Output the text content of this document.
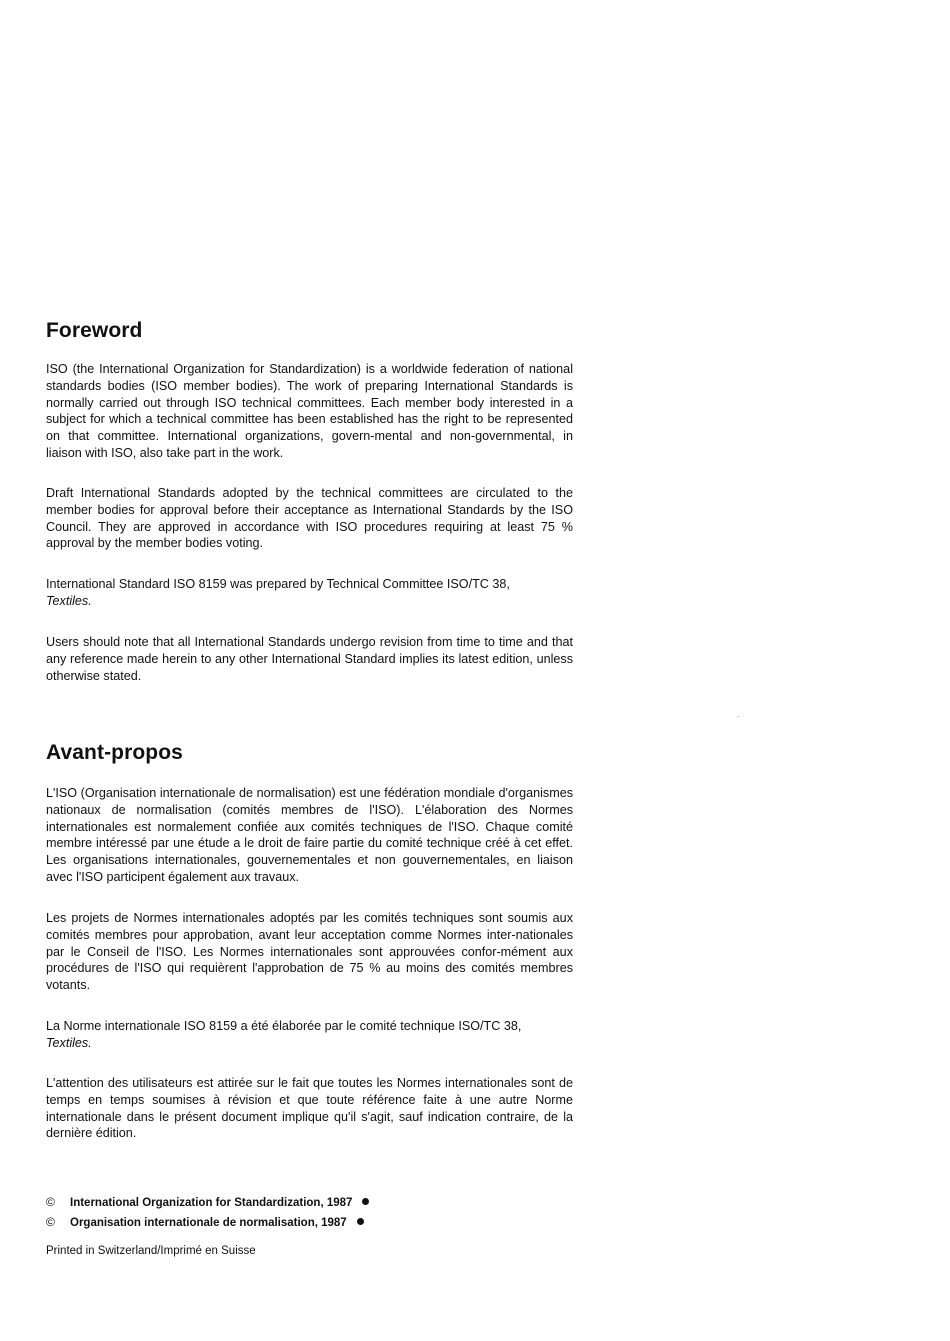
Foreword

ISO (the International Organization for Standardization) is a worldwide federation of national standards bodies (ISO member bodies). The work of preparing International Standards is normally carried out through ISO technical committees. Each member body interested in a subject for which a technical committee has been established has the right to be represented on that committee. International organizations, govern-mental and non-governmental, in liaison with ISO, also take part in the work.

Draft International Standards adopted by the technical committees are circulated to the member bodies for approval before their acceptance as International Standards by the ISO Council. They are approved in accordance with ISO procedures requiring at least 75 % approval by the member bodies voting.

International Standard ISO 8159 was prepared by Technical Committee ISO/TC 38,
Textiles.

Users should note that all International Standards undergo revision from time to time and that any reference made herein to any other International Standard implies its latest edition, unless otherwise stated.

Avant-propos

L'ISO (Organisation internationale de normalisation) est une fédération mondiale d'organismes nationaux de normalisation (comités membres de l'ISO). L'élaboration des Normes internationales est normalement confiée aux comités techniques de l'ISO. Chaque comité membre intéressé par une étude a le droit de faire partie du comité technique créé à cet effet. Les organisations internationales, gouvernementales et non gouvernementales, en liaison avec l'ISO participent également aux travaux.

Les projets de Normes internationales adoptés par les comités techniques sont soumis aux comités membres pour approbation, avant leur acceptation comme Normes inter-nationales par le Conseil de l'ISO. Les Normes internationales sont approuvées confor-mément aux procédures de l'ISO qui requièrent l'approbation de 75 % au moins des comités membres votants.

La Norme internationale ISO 8159 a été élaborée par le comité technique ISO/TC 38,
Textiles.

L'attention des utilisateurs est attirée sur le fait que toutes les Normes internationales sont de temps en temps soumises à révision et que toute référence faite à une autre Norme internationale dans le présent document implique qu'il s'agit, sauf indication contraire, de la dernière édition.

© International Organization for Standardization, 1987
© Organisation internationale de normalisation, 1987
Printed in Switzerland/Imprimé en Suisse
